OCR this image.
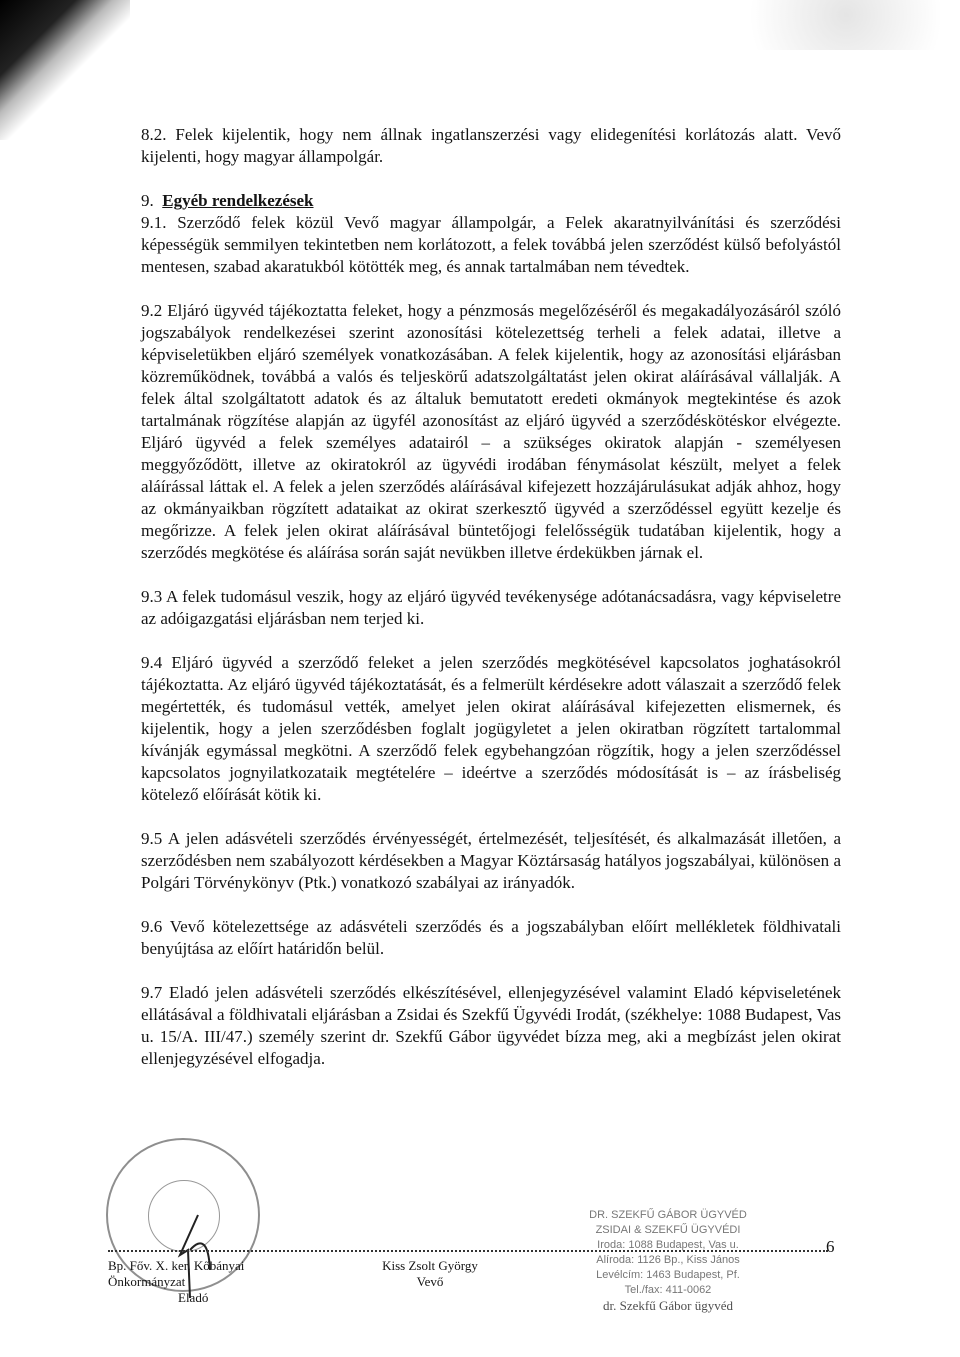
8.2. Felek kijelentik, hogy nem állnak ingatlanszerzési vagy elidegenítési korlátozás alatt. Vevő kijelenti, hogy magyar állampolgár.

9. Egyéb rendelkezések

9.1. Szerződő felek közül Vevő magyar állampolgár, a Felek akaratnyilvánítási és szerződési képességük semmilyen tekintetben nem korlátozott, a felek továbbá jelen szerződést külső befolyástól mentesen, szabad akaratukból kötötték meg, és annak tartalmában nem tévedtek.

9.2 Eljáró ügyvéd tájékoztatta feleket, hogy a pénzmosás megelőzéséről és megakadályozásáról szóló jogszabályok rendelkezései szerint azonosítási kötelezettség terheli a felek adatai, illetve a képviseletükben eljáró személyek vonatkozásában. A felek kijelentik, hogy az azonosítási eljárásban közreműködnek, továbbá a valós és teljeskörű adatszolgáltatást jelen okirat aláírásával vállalják. A felek által szolgáltatott adatok és az általuk bemutatott eredeti okmányok megtekintése és azok tartalmának rögzítése alapján az ügyfél azonosítást az eljáró ügyvéd a szerződéskötéskor elvégezte. Eljáró ügyvéd a felek személyes adatairól – a szükséges okiratok alapján - személyesen meggyőződött, illetve az okiratokról az ügyvédi irodában fénymásolat készült, melyet a felek aláírással láttak el. A felek a jelen szerződés aláírásával kifejezett hozzájárulásukat adják ahhoz, hogy az okmányaikban rögzített adataikat az okirat szerkesztő ügyvéd a szerződéssel együtt kezelje és megőrizze. A felek jelen okirat aláírásával büntetőjogi felelősségük tudatában kijelentik, hogy a szerződés megkötése és aláírása során saját nevükben illetve érdekükben járnak el.

9.3 A felek tudomásul veszik, hogy az eljáró ügyvéd tevékenysége adótanácsadásra, vagy képviseletre az adóigazgatási eljárásban nem terjed ki.

9.4 Eljáró ügyvéd a szerződő feleket a jelen szerződés megkötésével kapcsolatos joghatásokról tájékoztatta. Az eljáró ügyvéd tájékoztatását, és a felmerült kérdésekre adott válaszait a szerződő felek megértették, és tudomásul vették, amelyet jelen okirat aláírásával kifejezetten elismernek, és kijelentik, hogy a jelen szerződésben foglalt jogügyletet a jelen okiratban rögzített tartalommal kívánják egymással megkötni. A szerződő felek egybehangzóan rögzítik, hogy a jelen szerződéssel kapcsolatos jognyilatkozataik megtételére – ideértve a szerződés módosítását is – az írásbeliség kötelező előírását kötik ki.

9.5 A jelen adásvételi szerződés érvényességét, értelmezését, teljesítését, és alkalmazását illetően, a szerződésben nem szabályozott kérdésekben a Magyar Köztársaság hatályos jogszabályai, különösen a Polgári Törvénykönyv (Ptk.) vonatkozó szabályai az irányadók.

9.6 Vevő kötelezettsége az adásvételi szerződés és a jogszabályban előírt mellékletek földhivatali benyújtása az előírt határidőn belül.

9.7 Eladó jelen adásvételi szerződés elkészítésével, ellenjegyzésével valamint Eladó képviseletének ellátásával a földhivatali eljárásban a Zsidai és Szekfű Ügyvédi Irodát, (székhelye: 1088 Budapest, Vas u. 15/A. III/47.) személy szerint dr. Szekfű Gábor ügyvédet bízza meg, aki a megbízást jelen okirat ellenjegyzésével elfogadja.

Bp. Főv. X. ker. Kőbányai Önkormányzat
Eladó
Kiss Zsolt György
Vevő
DR. SZEKFŰ GÁBOR ÜGYVÉD
ZSIDAI & SZEKFŰ ÜGYVÉDI
Iroda: 1088 Budapest, Vas u.
Alíroda: 1126 Bp., Kiss János
Levélcím: 1463 Budapest, Pf.
Tel./fax: 411-0062
dr. Szekfű Gábor ügyvéd
6
